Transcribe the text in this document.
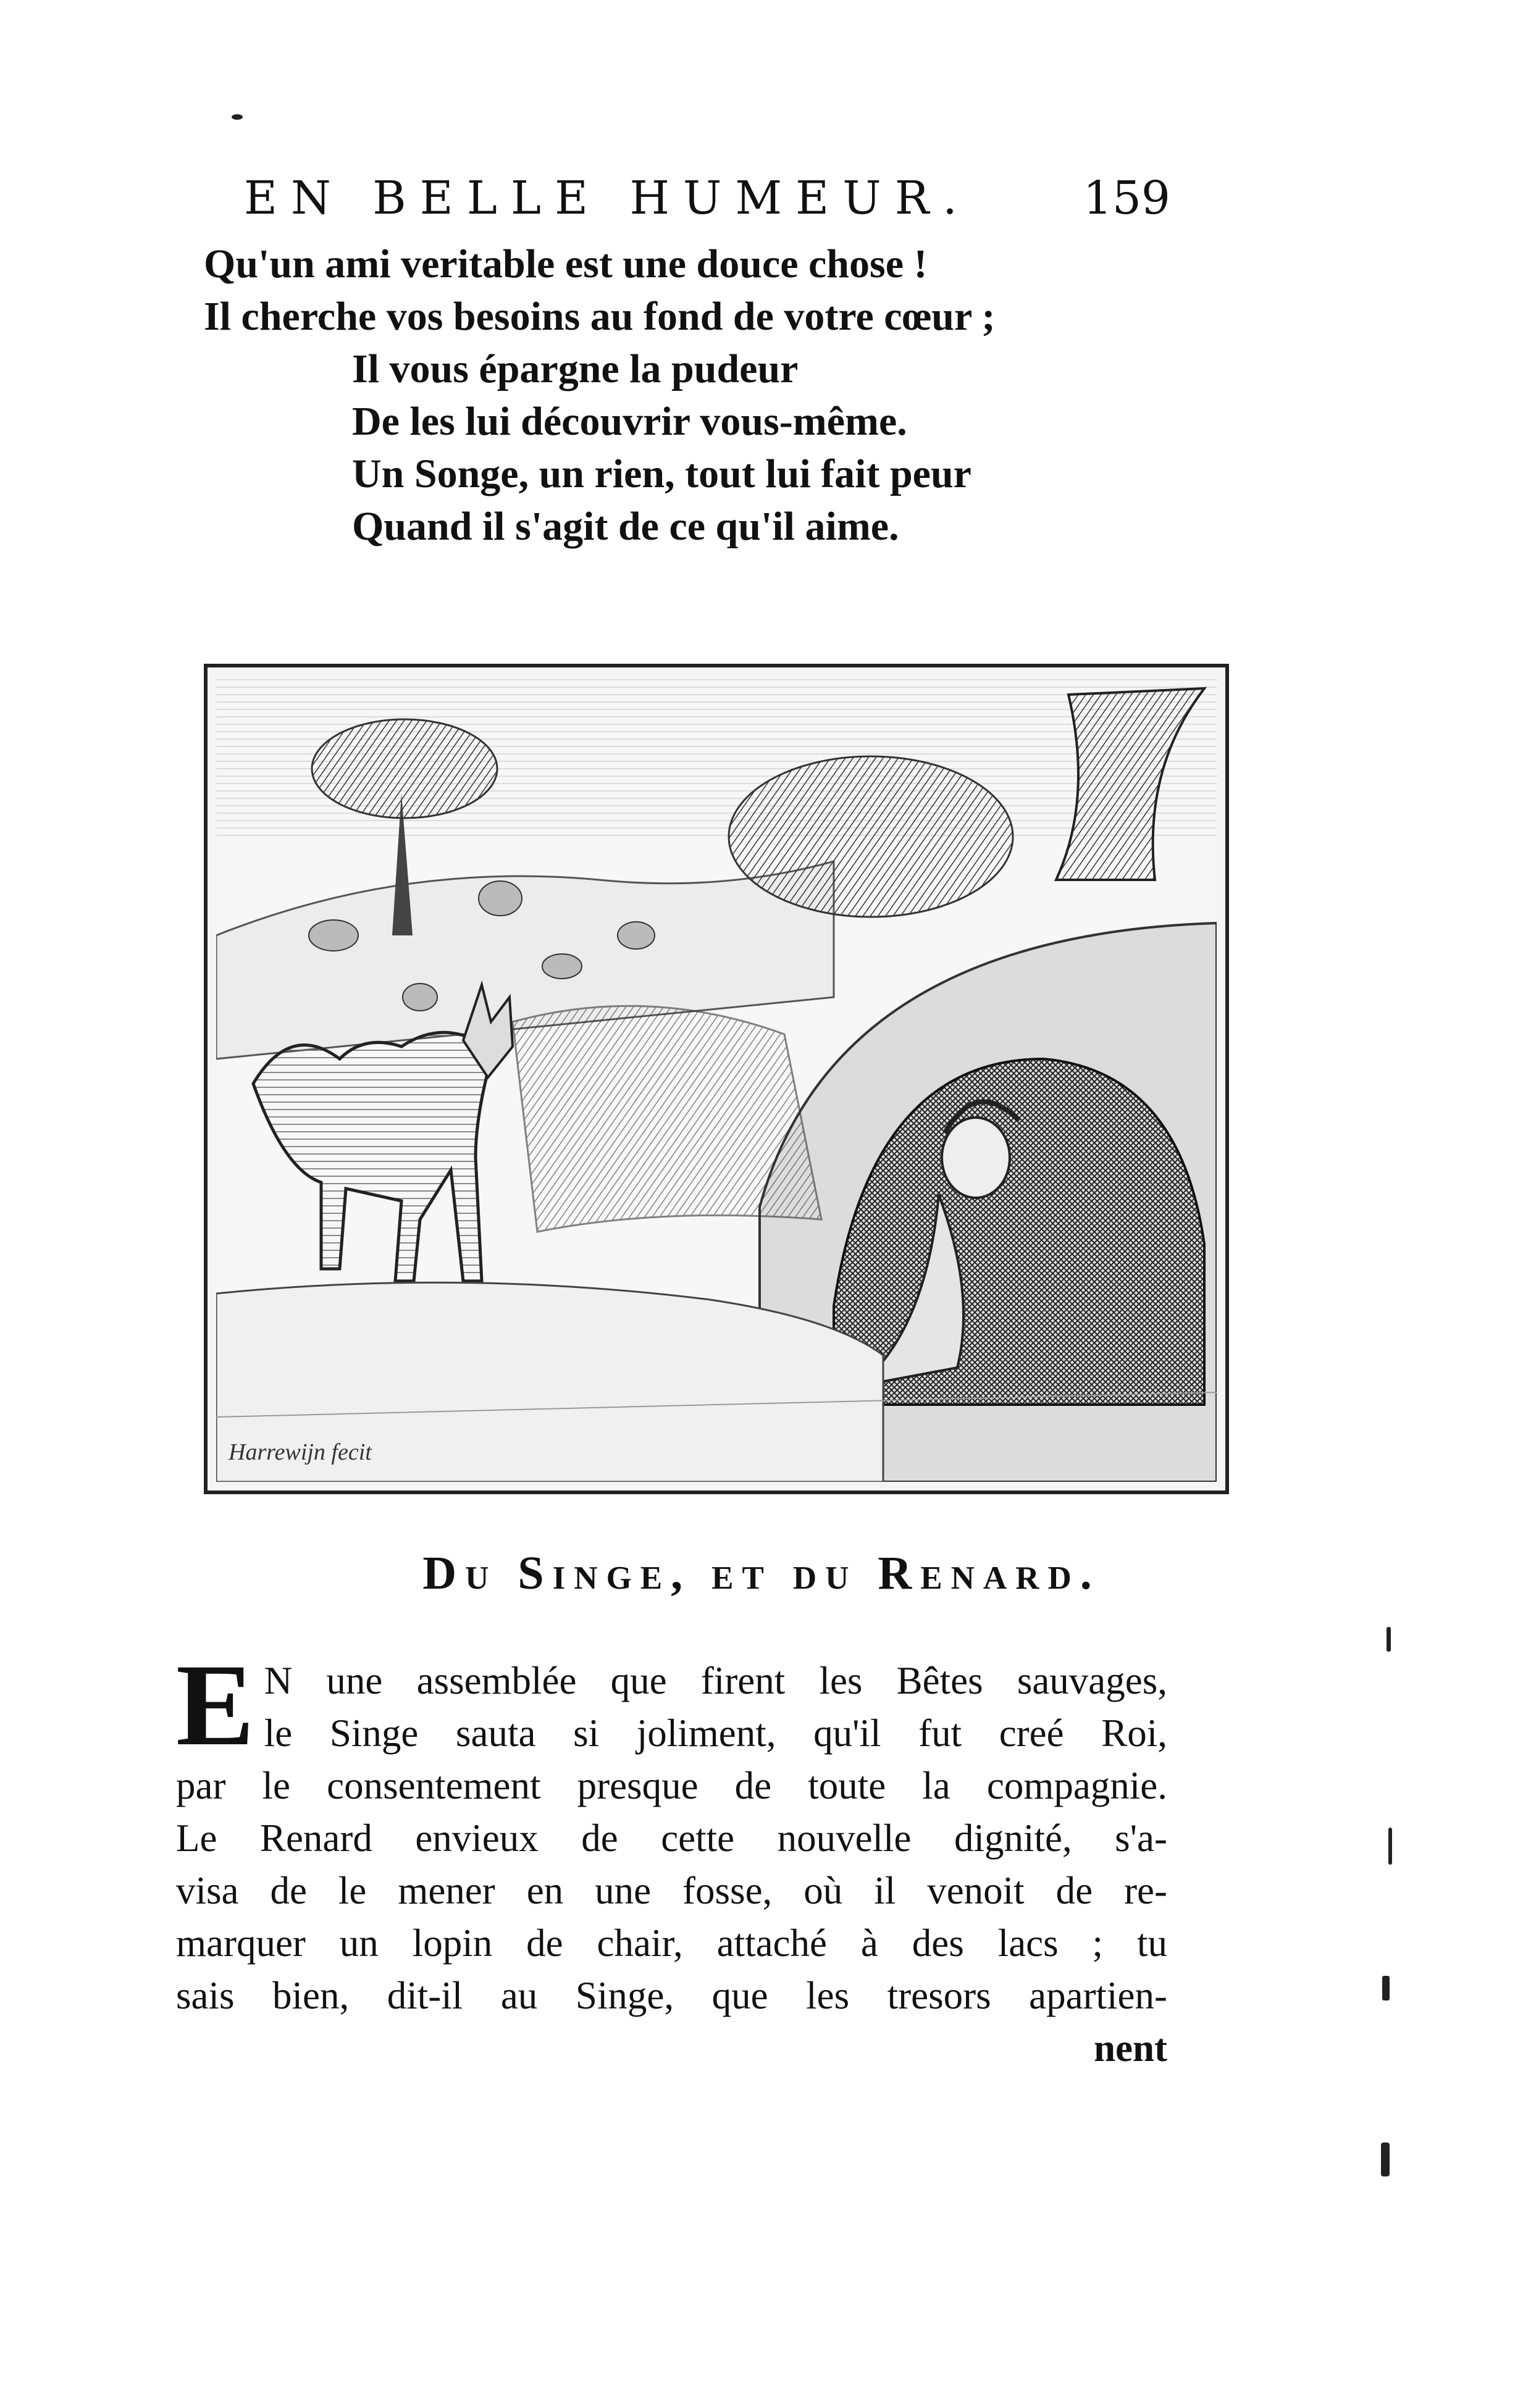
EN BELLE HUMEUR. 159
Qu'un ami veritable est une douce chose !
Il cherche vos besoins au fond de votre cœur ;
Il vous épargne la pudeur
De les lui découvrir vous-même.
Un Songe, un rien, tout lui fait peur
Quand il s'agit de ce qu'il aime.
Harrewijn fecit
Du Singe, et du Renard.
E N une assemblée que firent les Bêtes sauvages,
le Singe sauta si joliment, qu'il fut creé Roi,
par le consentement presque de toute la compagnie.
Le Renard envieux de cette nouvelle dignité, s'a-
visa de le mener en une fosse, où il venoit de re-
marquer un lopin de chair, attaché à des lacs ; tu
sais bien, dit-il au Singe, que les tresors apartien-
nent
